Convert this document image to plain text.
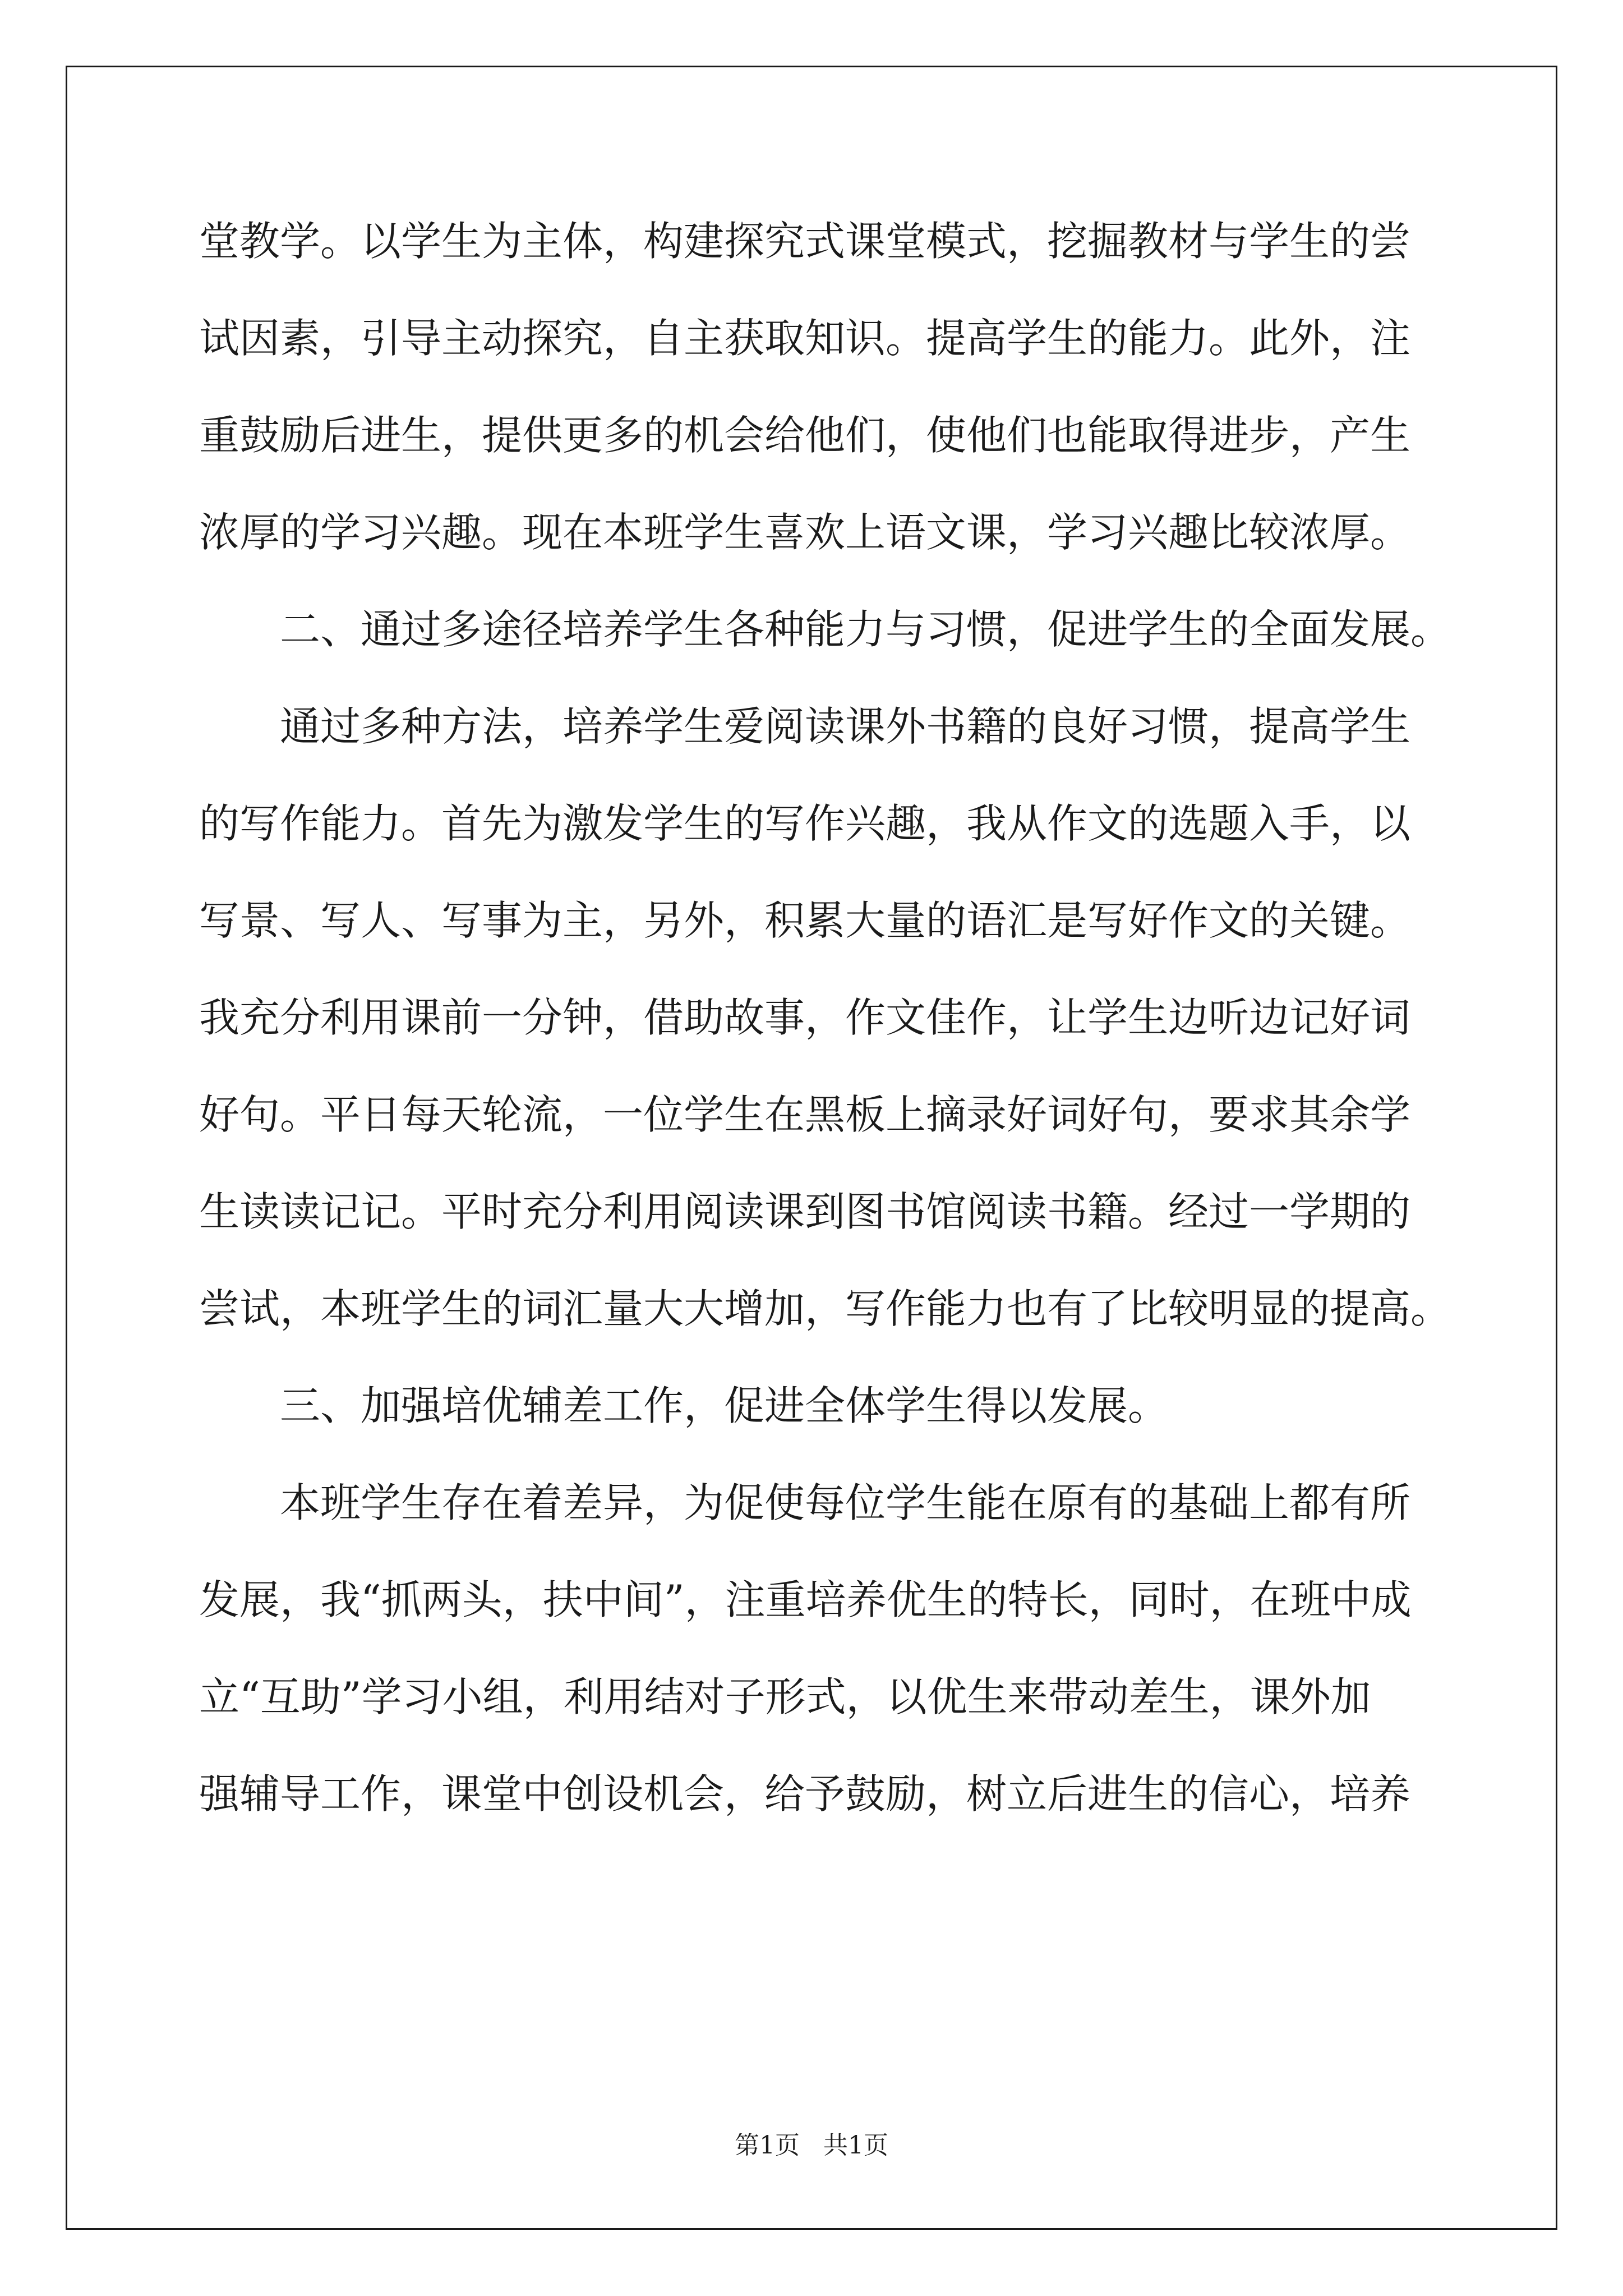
堂教学。以学生为主体，构建探究式课堂模式，挖掘教材与学生的尝
试因素，引导主动探究，自主获取知识。提高学生的能力。此外，注
重鼓励后进生，提供更多的机会给他们，使他们也能取得进步，产生
浓厚的学习兴趣。现在本班学生喜欢上语文课，学习兴趣比较浓厚。
二、通过多途径培养学生各种能力与习惯，促进学生的全面发展。
通过多种方法，培养学生爱阅读课外书籍的良好习惯，提高学生
的写作能力。首先为激发学生的写作兴趣，我从作文的选题入手，以
写景、写人、写事为主，另外，积累大量的语汇是写好作文的关键。
我充分利用课前一分钟，借助故事，作文佳作，让学生边听边记好词
好句。平日每天轮流，一位学生在黑板上摘录好词好句，要求其余学
生读读记记。平时充分利用阅读课到图书馆阅读书籍。经过一学期的
尝试，本班学生的词汇量大大增加，写作能力也有了比较明显的提高。
三、加强培优辅差工作，促进全体学生得以发展。
本班学生存在着差异，为促使每位学生能在原有的基础上都有所
发展，我“抓两头，扶中间”，注重培养优生的特长，同时，在班中成
立“互助”学习小组，利用结对子形式，以优生来带动差生，课外加
强辅导工作，课堂中创设机会，给予鼓励，树立后进生的信心，培养
第1页   共1页
